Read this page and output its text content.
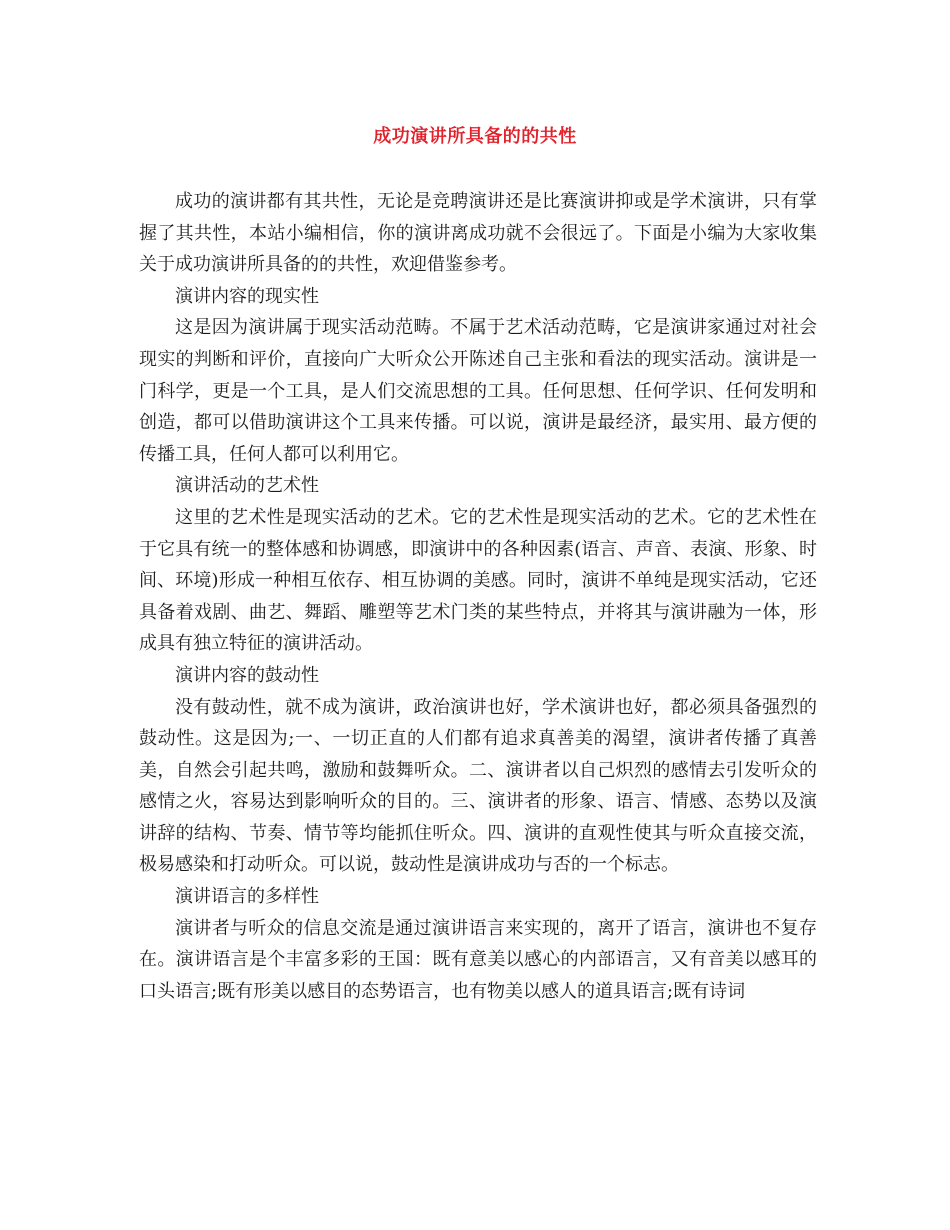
成功演讲所具备的的共性

成功的演讲都有其共性，无论是竞聘演讲还是比赛演讲抑或是学术演讲，只有掌握了其共性，本站小编相信，你的演讲离成功就不会很远了。下面是小编为大家收集关于成功演讲所具备的的共性，欢迎借鉴参考。

演讲内容的现实性

这是因为演讲属于现实活动范畴。不属于艺术活动范畴，它是演讲家通过对社会现实的判断和评价，直接向广大听众公开陈述自己主张和看法的现实活动。演讲是一门科学，更是一个工具，是人们交流思想的工具。任何思想、任何学识、任何发明和创造，都可以借助演讲这个工具来传播。可以说，演讲是最经济，最实用、最方便的传播工具，任何人都可以利用它。

演讲活动的艺术性

这里的艺术性是现实活动的艺术。它的艺术性是现实活动的艺术。它的艺术性在于它具有统一的整体感和协调感，即演讲中的各种因素(语言、声音、表演、形象、时间、环境)形成一种相互依存、相互协调的美感。同时，演讲不单纯是现实活动，它还具备着戏剧、曲艺、舞蹈、雕塑等艺术门类的某些特点，并将其与演讲融为一体，形成具有独立特征的演讲活动。

演讲内容的鼓动性

没有鼓动性，就不成为演讲，政治演讲也好，学术演讲也好，都必须具备强烈的鼓动性。这是因为;一、一切正直的人们都有追求真善美的渴望，演讲者传播了真善美，自然会引起共鸣，激励和鼓舞听众。二、演讲者以自己炽烈的感情去引发听众的感情之火，容易达到影响听众的目的。三、演讲者的形象、语言、情感、态势以及演讲辞的结构、节奏、情节等均能抓住听众。四、演讲的直观性使其与听众直接交流，极易感染和打动听众。可以说，鼓动性是演讲成功与否的一个标志。

演讲语言的多样性

演讲者与听众的信息交流是通过演讲语言来实现的，离开了语言，演讲也不复存在。演讲语言是个丰富多彩的王国：既有意美以感心的内部语言，又有音美以感耳的口头语言;既有形美以感目的态势语言，也有物美以感人的道具语言;既有诗词
